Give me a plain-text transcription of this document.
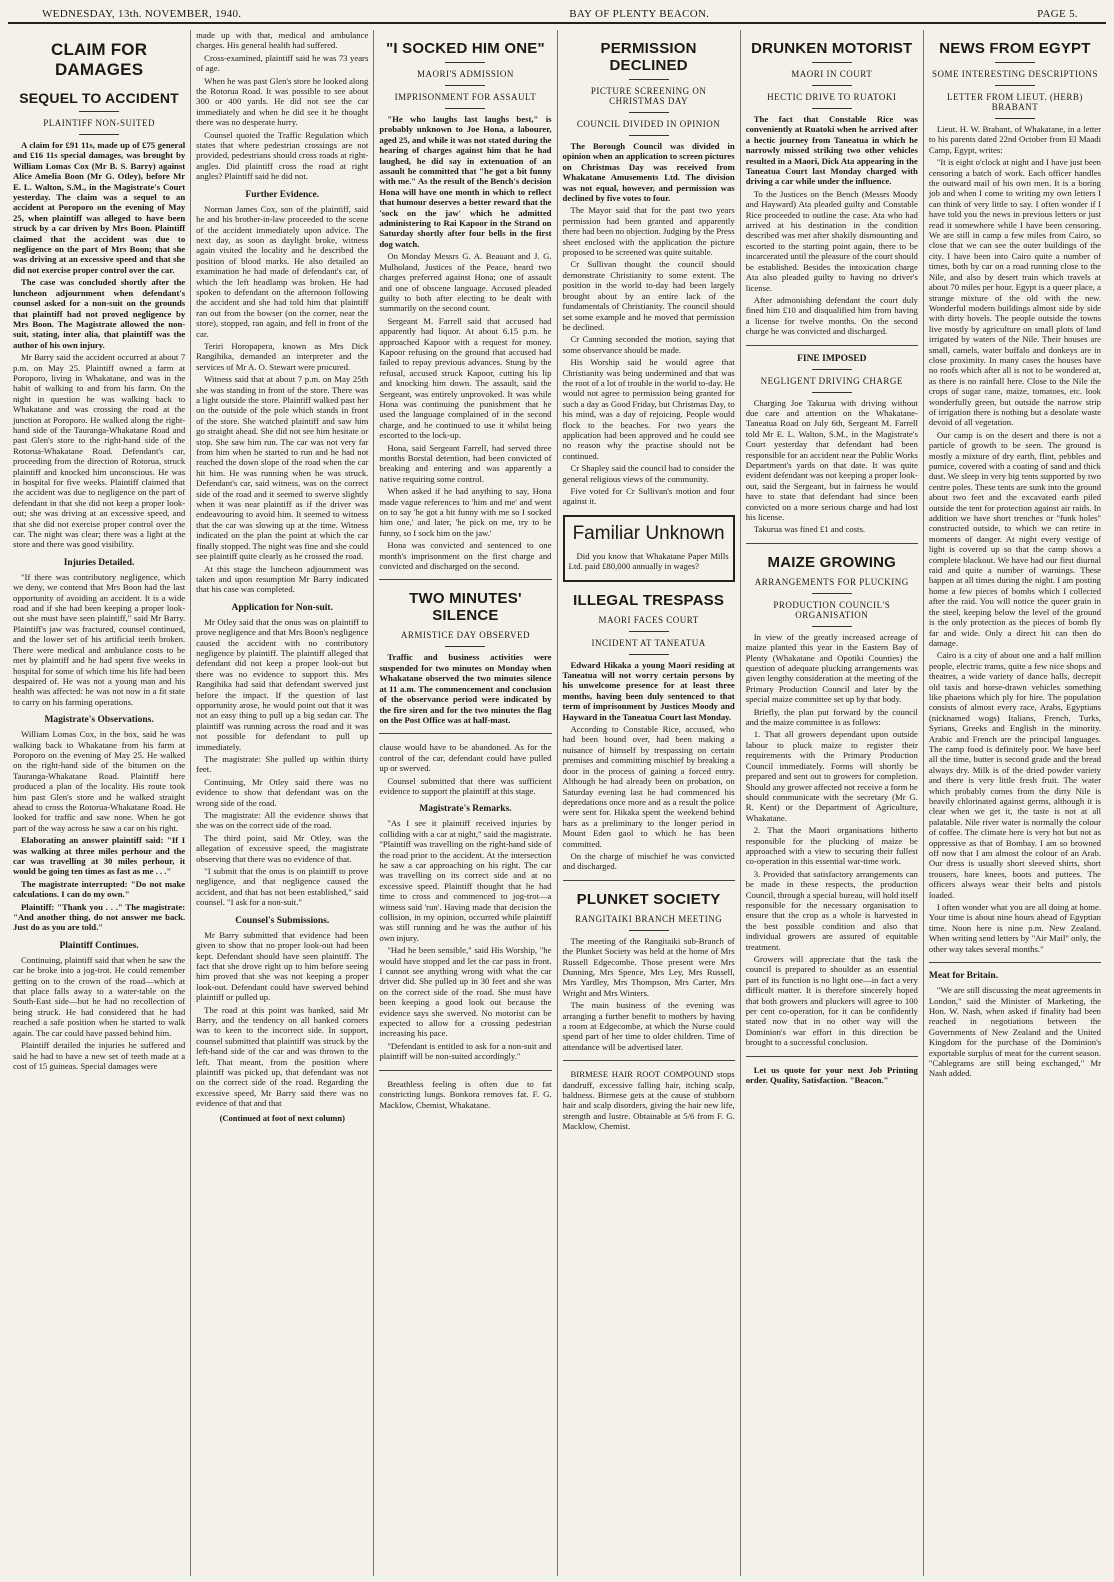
WEDNESDAY, 13th. NOVEMBER, 1940.	BAY OF PLENTY BEACON.	PAGE 5.
CLAIM FOR DAMAGES
SEQUEL TO ACCIDENT
PLAINTIFF NON-SUITED

A claim for £91 11s, made up of £75 general and £16 11s special damages, was brought by William Lomas Cox (Mr B. S. Barry) against Alice Amelia Boon (Mr G. Otley), before Mr E. L. Walton, S.M., in the Magistrate's Court yesterday. The claim was a sequel to an accident at Poroporo on the evening of May 25, when plaintiff was alleged to have been struck by a car driven by Mrs Boon. Plaintiff claimed that the accident was due to negligence on the part of Mrs Boon; that she was driving at an excessive speed and that she did not exercise proper control over the car.

The case was concluded shortly after the luncheon adjournment when defendant's counsel asked for a non-suit on the grounds that plaintiff had not proved negligence by Mrs Boon. The Magistrate allowed the non-suit, stating, inter alia, that plaintiff was the author of his own injury.

Mr Barry said the accident occurred at about 7 p.m. on May 25. Plaintiff owned a farm at Poroporo, living in Whakatane, and was in the habit of walking to and from his farm. On the night in question he was walking back to Whakatane and was crossing the road at the junction at Poroporo. He walked along the right-hand side of the Tauranga-Whakatane Road and past Glen's store to the right-hand side of the Rotorua-Whakatane Road. Defendant's car, proceeding from the direction of Rotorua, struck plaintiff and knocked him unconscious. He was in hospital for five weeks. Plaintiff claimed that the accident was due to negligence on the part of defendant in that she did not keep a proper look-out; she was driving at an excessive speed, and that she did not exercise proper control over the car. The night was clear; there was a light at the store and there was good visibility.

Injuries Detailed.

"If there was contributory negligence, which we deny, we contend that Mrs Boon had the last opportunity of avoiding an accident. It is a wide road and if she had been keeping a proper look-out she must have seen plaintiff," said Mr Barry. Plaintiff's jaw was fractured, counsel continued, and the lower set of his artificial teeth broken. There were medical and ambulance costs to be met by plaintiff and he had spent five weeks in hospital for some of which time his life had been despaired of. He was not a young man and his health was affected: he was not now in a fit state to carry on his farming operations.

Magistrate's Observations.

William Lomas Cox, in the box, said he was walking back to Whakatane from his farm at Poroporo on the evening of May 25. He walked on the right-hand side of the bitumen on the Tauranga-Whakatane Road. Plaintiff here produced a plan of the locality. His route took him past Glen's store and he walked straight ahead to cross the Rotorua-Whakatane Road. He looked for traffic and saw none. When he got part of the way across he saw a car on his right.

Elaborating an answer plaintiff said: "If I was walking at three miles perhour and the car was travelling at 30 miles perhour, it would be going ten times as fast as me . . ."

The magistrate interrupted: "Do not make calculations. I can do my own."

Plaintiff: "Thank you . . ." The magistrate: "And another thing, do not answer me back. Just do as you are told."

Plaintiff Continues.

Continuing, plaintiff said that when he saw the car he broke into a jog-trot. He could remember getting on to the crown of the road—which at that place falls away to a water-table on the South-East side—but he had no recollection of being struck. He had considered that he had reached a safe position when he started to walk again. The car could have passed behind him.

Plaintiff detailed the injuries he suffered and said he had to have a new set of teeth made at a cost of 15 guineas. Special damages were

made up with that, medical and ambulance charges. His general health had suffered.

Cross-examined, plaintiff said he was 73 years of age.

When he was past Glen's store he looked along the Rotorua Road. It was possible to see about 300 or 400 yards. He did not see the car immediately and when he did see it he thought there was no desperate hurry.

Counsel quoted the Traffic Regulation which states that where pedestrian crossings are not provided, pedestrians should cross roads at right-angles. Did plaintiff cross the road at right angles? Plaintiff said he did not.

Further Evidence.

Norman James Cox, son of the plaintiff, said he and his brother-in-law proceeded to the scene of the accident immediately upon advice. The next day, as soon as daylight broke, witness again visited the locality and he described the position of blood marks. He also detailed an examination he had made of defendant's car, of which the left headlamp was broken. He had spoken to defendant on the afternoon following the accident and she had told him that plaintiff ran out from the bowser (on the corner, near the store), stopped, ran again, and fell in front of the car.

Teriri Horopapera, known as Mrs Dick Rangihika, demanded an interpreter and the services of Mr A. O. Stewart were procured.

Witness said that at about 7 p.m. on May 25th she was standing in front of the store. There was a light outside the store. Plaintiff walked past her on the outside of the pole which stands in front of the store. She watched plaintiff and saw him go straight ahead. She did not see him hesitate or stop. She saw him run. The car was not very far from him when he started to run and he had not reached the down slope of the road when the car hit him. He was running when he was struck. Defendant's car, said witness, was on the correct side of the road and it seemed to swerve slightly when it was near plaintiff as if the driver was endeavouring to avoid him. It seemed to witness that the car was slowing up at the time. Witness indicated on the plan the point at which the car finally stopped. The night was fine and she could see plaintiff quite clearly as he crossed the road.

At this stage the luncheon adjournment was taken and upon resumption Mr Barry indicated that his case was completed.

Application for Non-suit.

Mr Otley said that the onus was on plaintiff to prove negligence and that Mrs Boon's negligence caused the accident with no contributory negligence by plaintiff. The plaintiff alleged that defendant did not keep a proper look-out but there was no evidence to support this. Mrs Rangihika had said that defendant swerved just before the impact. If the question of last opportunity arose, he would point out that it was not an easy thing to pull up a big sedan car. The plaintiff was running across the road and it was not possible for defendant to pull up immediately.

The magistrate: She pulled up within thirty feet.

Continuing, Mr Otley said there was no evidence to show that defendant was on the wrong side of the road.

The magistrate: All the evidence shows that she was on the correct side of the road.

The third point, said Mr Otley, was the allegation of excessive speed, the magistrate observing that there was no evidence of that.

"I submit that the onus is on plaintiff to prove negligence, and that negligence caused the accident, and that has not been established," said counsel. "I ask for a non-suit."

Counsel's Submissions.

Mr Barry submitted that evidence had been given to show that no proper look-out had been kept. Defendant should have seen plaintiff. The fact that she drove right up to him before seeing him proved that she was not keeping a proper look-out. Defendant could have swerved behind plaintiff or pulled up.

The road at this point was banked, said Mr Barry, and the tendency on all banked corners was to keen to the incorrect side. In support, counsel submitted that plaintiff was struck by the left-hand side of the car and was thrown to the left. That meant, from the position where plaintiff was picked up, that defendant was not on the correct side of the road. Regarding the excessive speed, Mr Barry said there was no evidence of that and that

(Continued at foot of next column)
"I SOCKED HIM ONE"
MAORI'S ADMISSION
IMPRISONMENT FOR ASSAULT

"He who laughs last laughs best," is probably unknown to Joe Hona, a labourer, aged 25, and while it was not stated during the hearing of charges against him that he had laughed, he did say in extenuation of an assault he committed that "he got a bit funny with me." As the result of the Bench's decision Hona will have one month in which to reflect that humour deserves a better reward that the 'sock on the jaw' which he admitted administering to Rai Kapoor in the Strand on Saturday shortly after four bells in the first dog watch.

On Monday Messrs G. A. Beauant and J. G. Mulholand, Justices of the Peace, heard two charges preferred against Hona; one of assault and one of obscene language. Accused pleaded guilty to both after electing to be dealt with summarily on the second count.

Sergeant M. Farrell said that accused had apparently had liquor. At about 6.15 p.m. he approached Kapoor with a request for money. Kapoor refusing on the ground that accused had failed to repay previous advances. Stung by the refusal, accused struck Kapoor, cutting his lip and knocking him down. The assault, said the Sergeant, was entirely unprovoked. It was while Hona was continuing the punishment that he used the language complained of in the second charge, and he continued to use it whilst being escorted to the lock-up.

Hona, said Sergeant Farrell, had served three months Borstal detention, had been convicted of breaking and entering and was apparently a native requiring some control.

When asked if he had anything to say, Hona made vague references to 'him and me' and went on to say 'he got a bit funny with me so I socked him one,' and later, 'he pick on me, try to be funny, so I sock him on the jaw.'

Hona was convicted and sentenced to one month's imprisonment on the first charge and convicted and discharged on the second.

TWO MINUTES' SILENCE
ARMISTICE DAY OBSERVED

Traffic and business activities were suspended for two minutes on Monday when Whakatane observed the two minutes silence at 11 a.m. The commencement and conclusion of the observance period were indicated by the fire siren and for the two minutes the flag on the Post Office was at half-mast.

clause would have to be abandoned. As for the control of the car, defendant could have pulled up or swerved.

Counsel submitted that there was sufficient evidence to support the plaintiff at this stage.

Magistrate's Remarks.

"As I see it plaintiff received injuries by colliding with a car at night," said the magistrate. "Plaintiff was travelling on the right-hand side of the road prior to the accident. At the intersection he saw a car approaching on his right. The car was travelling on its correct side and at no excessive speed. Plaintiff thought that he had time to cross and commenced to jog-trot—a witness said 'run'. Having made that decision the collision, in my opinion, occurred while plaintiff was still running and he was the author of his own injury.

"Had he been sensible," said His Worship, "he would have stopped and let the car pass in front. I cannot see anything wrong with what the car driver did. She pulled up in 30 feet and she was on the correct side of the road. She must have been keeping a good look out because the evidence says she swerved. No motorist can be expected to allow for a crossing pedestrian increasing his pace.

"Defendant is entitled to ask for a non-suit and plaintiff will be non-suited accordingly."

Breathless feeling is often due to fat constricting lungs. Bonkora removes fat. F. G. Macklow, Chemist, Whakatane.

PERMISSION DECLINED
PICTURE SCREENING ON CHRISTMAS DAY
COUNCIL DIVIDED IN OPINION

The Borough Council was divided in opinion when an application to screen pictures on Christmas Day was received from Whakatane Amusements Ltd. The division was not equal, however, and permission was declined by five votes to four.

The Mayor said that for the past two years permission had been granted and apparently there had been no objection. Judging by the Press sheet enclosed with the application the picture proposed to be screened was quite suitable.

Cr Sullivan thought the council should demonstrate Christianity to some extent. The position in the world to-day had been largely brought about by an entire lack of the fundamentals of Christianity. The council should set some example and he moved that permission be declined.

Cr Canning seconded the motion, saying that some observance should be made.

His Worship said he would agree that Christianity was being undermined and that was the root of a lot of trouble in the world to-day. He would not agree to permission being granted for such a day as Good Friday, but Christmas Day, to his mind, was a day of rejoicing. People would flock to the beaches. For two years the application had been approved and he could see no reason why the practise should not be continued.

Cr Shapley said the council had to consider the general religious views of the community.

Five voted for Cr Sullivan's motion and four against it.

Familiar Unknown

Did you know that Whakatane Paper Mills Ltd. paid £80,000 annually in wages?

ILLEGAL TRESPASS
MAORI FACES COURT
INCIDENT AT TANEATUA

Edward Hikaka a young Maori residing at Taneatua will not worry certain persons by his unwelcome presence for at least three months, having been duly sentenced to that term of imprisonment by Justices Moody and Hayward in the Taneatua Court last Monday.

According to Constable Rice, accused, who had been bound over, had been making a nuisance of himself by trespassing on certain premises and committing mischief by breaking a door in the process of gaining a forced entry. Although he had already been on probation, on Saturday evening last he had commenced his depredations once more and as a result the police were sent for. Hikaka spent the weekend behind bars as a preliminary to the longer period in Mount Eden gaol to which he has been committed.

On the charge of mischief he was convicted and discharged.

PLUNKET SOCIETY
RANGITAIKI BRANCH MEETING

The meeting of the Rangitaiki sub-Branch of the Plunket Society was held at the home of Mrs Russell Edgecombe. Those present were Mrs Dunning, Mrs Spence, Mrs Ley, Mrs Russell, Mrs Yardley, Mrs Thompson, Mrs Carter, Mrs Wright and Mrs Winters.

The main business of the evening was arranging a further benefit to mothers by having a room at Edgecombe, at which the Nurse could spend part of her time to older children. Time of attendance will be advertised later.

BIRMESE HAIR ROOT COMPOUND stops dandruff, excessive falling hair, itching scalp, baldness. Birmese gets at the cause of stubborn hair and scalp disorders, giving the hair new life, strength and lustre. Obtainable at 5/6 from F. G. Macklow, Chemist.

DRUNKEN MOTORIST
MAORI IN COURT
HECTIC DRIVE TO RUATOKI

The fact that Constable Rice was conveniently at Ruatoki when he arrived after a hectic journey from Taneatua in which he narrowly missed striking two other vehicles resulted in a Maori, Dick Ata appearing in the Taneatua Court last Monday charged with driving a car while under the influence.

To the Justices on the Bench (Messrs Moody and Hayward) Ata pleaded guilty and Constable Rice proceeded to outline the case. Ata who had arrived at his destination in the condition described was met after shakily dismounting and escorted to the starting point again, there to be incarcerated until the pleasure of the court should be established. Besides the intoxication charge Ata also pleaded guilty to having no driver's license.

After admonishing defendant the court duly fined him £10 and disqualified him from having a license for twelve months. On the second charge he was convicted and discharged.

FINE IMPOSED
NEGLIGENT DRIVING CHARGE

Charging Joe Takurua with driving without due care and attention on the Whakatane-Taneatua Road on July 6th, Sergeant M. Farrell told Mr E. L. Walton, S.M., in the Magistrate's Court yesterday that defendant had been responsible for an accident near the Public Works Department's yards on that date. It was quite evident defendant was not keeping a proper look-out, said the Sergeant, but in fairness he would have to state that defendant had since been convicted on a more serious charge and had lost his license.

Takurua was fined £1 and costs.

MAIZE GROWING
ARRANGEMENTS FOR PLUCKING
PRODUCTION COUNCIL'S ORGANISATION

In view of the greatly increased acreage of maize planted this year in the Eastern Bay of Plenty (Whakatane and Opotiki Counties) the question of adequate plucking arrangements was given lengthy consideration at the meeting of the Primary Production Council and later by the special maize committee set up by that body.

Briefly, the plan put forward by the council and the maize committee is as follows:

1. That all growers dependant upon outside labour to pluck maize to register their requirements with the Primary Production Council immediately. Forms will shortly be prepared and sent out to growers for completion. Should any grower affected not receive a form he should communicate with the secretary (Mr G. R. Kent) or the Department of Agriculture, Whakatane.

2. That the Maori organisations hitherto responsible for the plucking of maize be approached with a view to securing their fullest co-operation in this essential war-time work.

3. Provided that satisfactory arrangements can be made in these respects, the production Council, through a special bureau, will hold itself responsible for the necessary organisation to ensure that the crop as a whole is harvested in the best possible condition and also that individual growers are assured of equitable treatment.

Growers will appreciate that the task the council is prepared to shoulder as an essential part of its function is no light one—in fact a very difficult matter. It is therefore sincerely hoped that both growers and pluckers will agree to 100 per cent co-operation, for it can be confidently stated now that in no other way will the Dominion's war effort in this direction be brought to a successful conclusion.

Let us quote for your next Job Printing order. Quality, Satisfaction. "Beacon."

NEWS FROM EGYPT
SOME INTERESTING DESCRIPTIONS
LETTER FROM LIEUT. (HERB) BRABANT

Lieut. H. W. Brabant, of Whakatane, in a letter to his parents dated 22nd October from El Maadi Camp, Egypt, writes:

"It is eight o'clock at night and I have just been censoring a batch of work. Each officer handles the outward mail of his own men. It is a boring job and when I come to writing my own letters I can think of very little to say. I often wonder if I have told you the news in previous letters or just read it somewhere while I have been censoring. We are still in camp a few miles from Cairo, so close that we can see the outer buildings of the city. I have been into Cairo quite a number of times, both by car on a road running close to the Nile, and also by desert train which travels at about 70 miles per hour. Egypt is a queer place, a strange mixture of the old with the new. Wonderful modern buildings almost side by side with dirty hovels. The people outside the towns live mostly by agriculture on small plots of land irrigated by waters of the Nile. Their houses are small, camels, water buffalo and donkeys are in close proximity. In many cases the houses have no roofs which after all is not to be wondered at, as there is no rainfall here. Close to the Nile the crops of sugar cane, maize, tomatoes, etc. look wonderfully green, but outside the narrow strip of irrigation there is nothing but a desolate waste devoid of all vegetation.

Our camp is on the desert and there is not a particle of growth to be seen. The ground is mostly a mixture of dry earth, flint, pebbles and pumice, covered with a coating of sand and thick dust. We sleep in very big tents supported by two centre poles. These tents are sunk into the ground about two feet and the excavated earth piled outside the tent for protection against air raids. In addition we have short trenches or "funk holes" constructed outside, to which we can retire in moments of danger. At night every vestige of light is covered up so that the camp shows a complete blackout. We have had our first diurnal raid and quite a number of warnings. These happen at all times during the night. I am posting home a few pieces of bombs which I collected after the raid. You will notice the queer grain in the steel, keeping below the level of the ground is the only protection as the pieces of bomb fly far and wide. Only a direct hit can then do damage.

Cairo is a city of about one and a half million people, electric trams, quite a few nice shops and theatres, a wide variety of dance halls, decrepit old taxis and horse-drawn vehicles something like phaetons which ply for hire. The population consists of almost every race, Arabs, Egyptians (nicknamed wogs) Italians, French, Turks, Syrians, Greeks and English in the minority. Arabic and French are the principal languages. The camp food is definitely poor. We have beef all the time, butter is second grade and the bread always dry. Milk is of the dried powder variety and there is very little fresh fruit. The water which probably comes from the dirty Nile is heavily chlorinated against germs, although it is clear when we get it, the taste is not at all palatable. Nile river water is normally the colour of coffee. The climate here is very hot but not as oppressive as that of Bombay. I am so browned off now that I am almost the colour of an Arab. Our dress is usually short sleeved shirts, short trousers, bare knees, boots and puttees. The officers always wear their belts and pistols loaded.

I often wonder what you are all doing at home. Your time is about nine hours ahead of Egyptian time. Noon here is nine p.m. New Zealand. When writing send letters by "Air Mail" only, the other way takes several months."

Meat for Britain.

"We are still discussing the meat agreements in London," said the Minister of Marketing, the Hon. W. Nash, when asked if finality had been reached in negotiations between the Governments of New Zealand and the United Kingdom for the purchase of the Dominion's exportable surplus of meat for the current season. "Cablegrams are still being exchanged," Mr Nash added.
